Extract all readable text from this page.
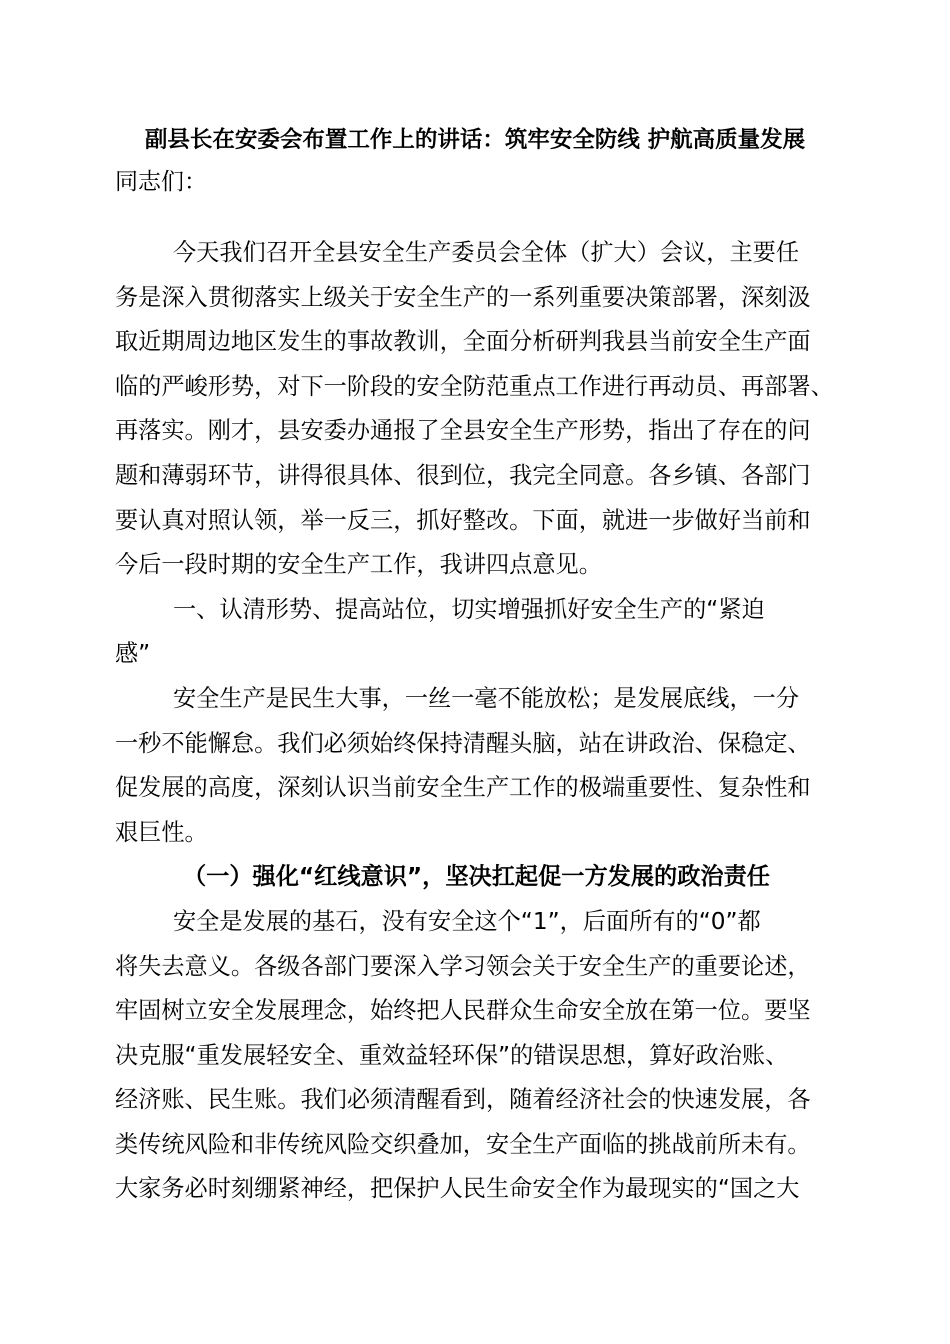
副县长在安委会布置工作上的讲话：筑牢安全防线 护航高质量发展
同志们：
今天我们召开全县安全生产委员会全体（扩大）会议，主要任
务是深入贯彻落实上级关于安全生产的一系列重要决策部署，深刻汲
取近期周边地区发生的事故教训，全面分析研判我县当前安全生产面
临的严峻形势，对下一阶段的安全防范重点工作进行再动员、再部署、
再落实。刚才，县安委办通报了全县安全生产形势，指出了存在的问
题和薄弱环节，讲得很具体、很到位，我完全同意。各乡镇、各部门
要认真对照认领，举一反三，抓好整改。下面，就进一步做好当前和
今后一段时期的安全生产工作，我讲四点意见。
一、认清形势、提高站位，切实增强抓好安全生产的“紧迫
感”
安全生产是民生大事，一丝一毫不能放松；是发展底线，一分
一秒不能懈怠。我们必须始终保持清醒头脑，站在讲政治、保稳定、
促发展的高度，深刻认识当前安全生产工作的极端重要性、复杂性和
艰巨性。
（一）强化“红线意识”，坚决扛起促一方发展的政治责任
安全是发展的基石，没有安全这个“1”，后面所有的“0”都
将失去意义。各级各部门要深入学习领会关于安全生产的重要论述，
牢固树立安全发展理念，始终把人民群众生命安全放在第一位。要坚
决克服“重发展轻安全、重效益轻环保”的错误思想，算好政治账、
经济账、民生账。我们必须清醒看到，随着经济社会的快速发展，各
类传统风险和非传统风险交织叠加，安全生产面临的挑战前所未有。
大家务必时刻绷紧神经，把保护人民生命安全作为最现实的“国之大
